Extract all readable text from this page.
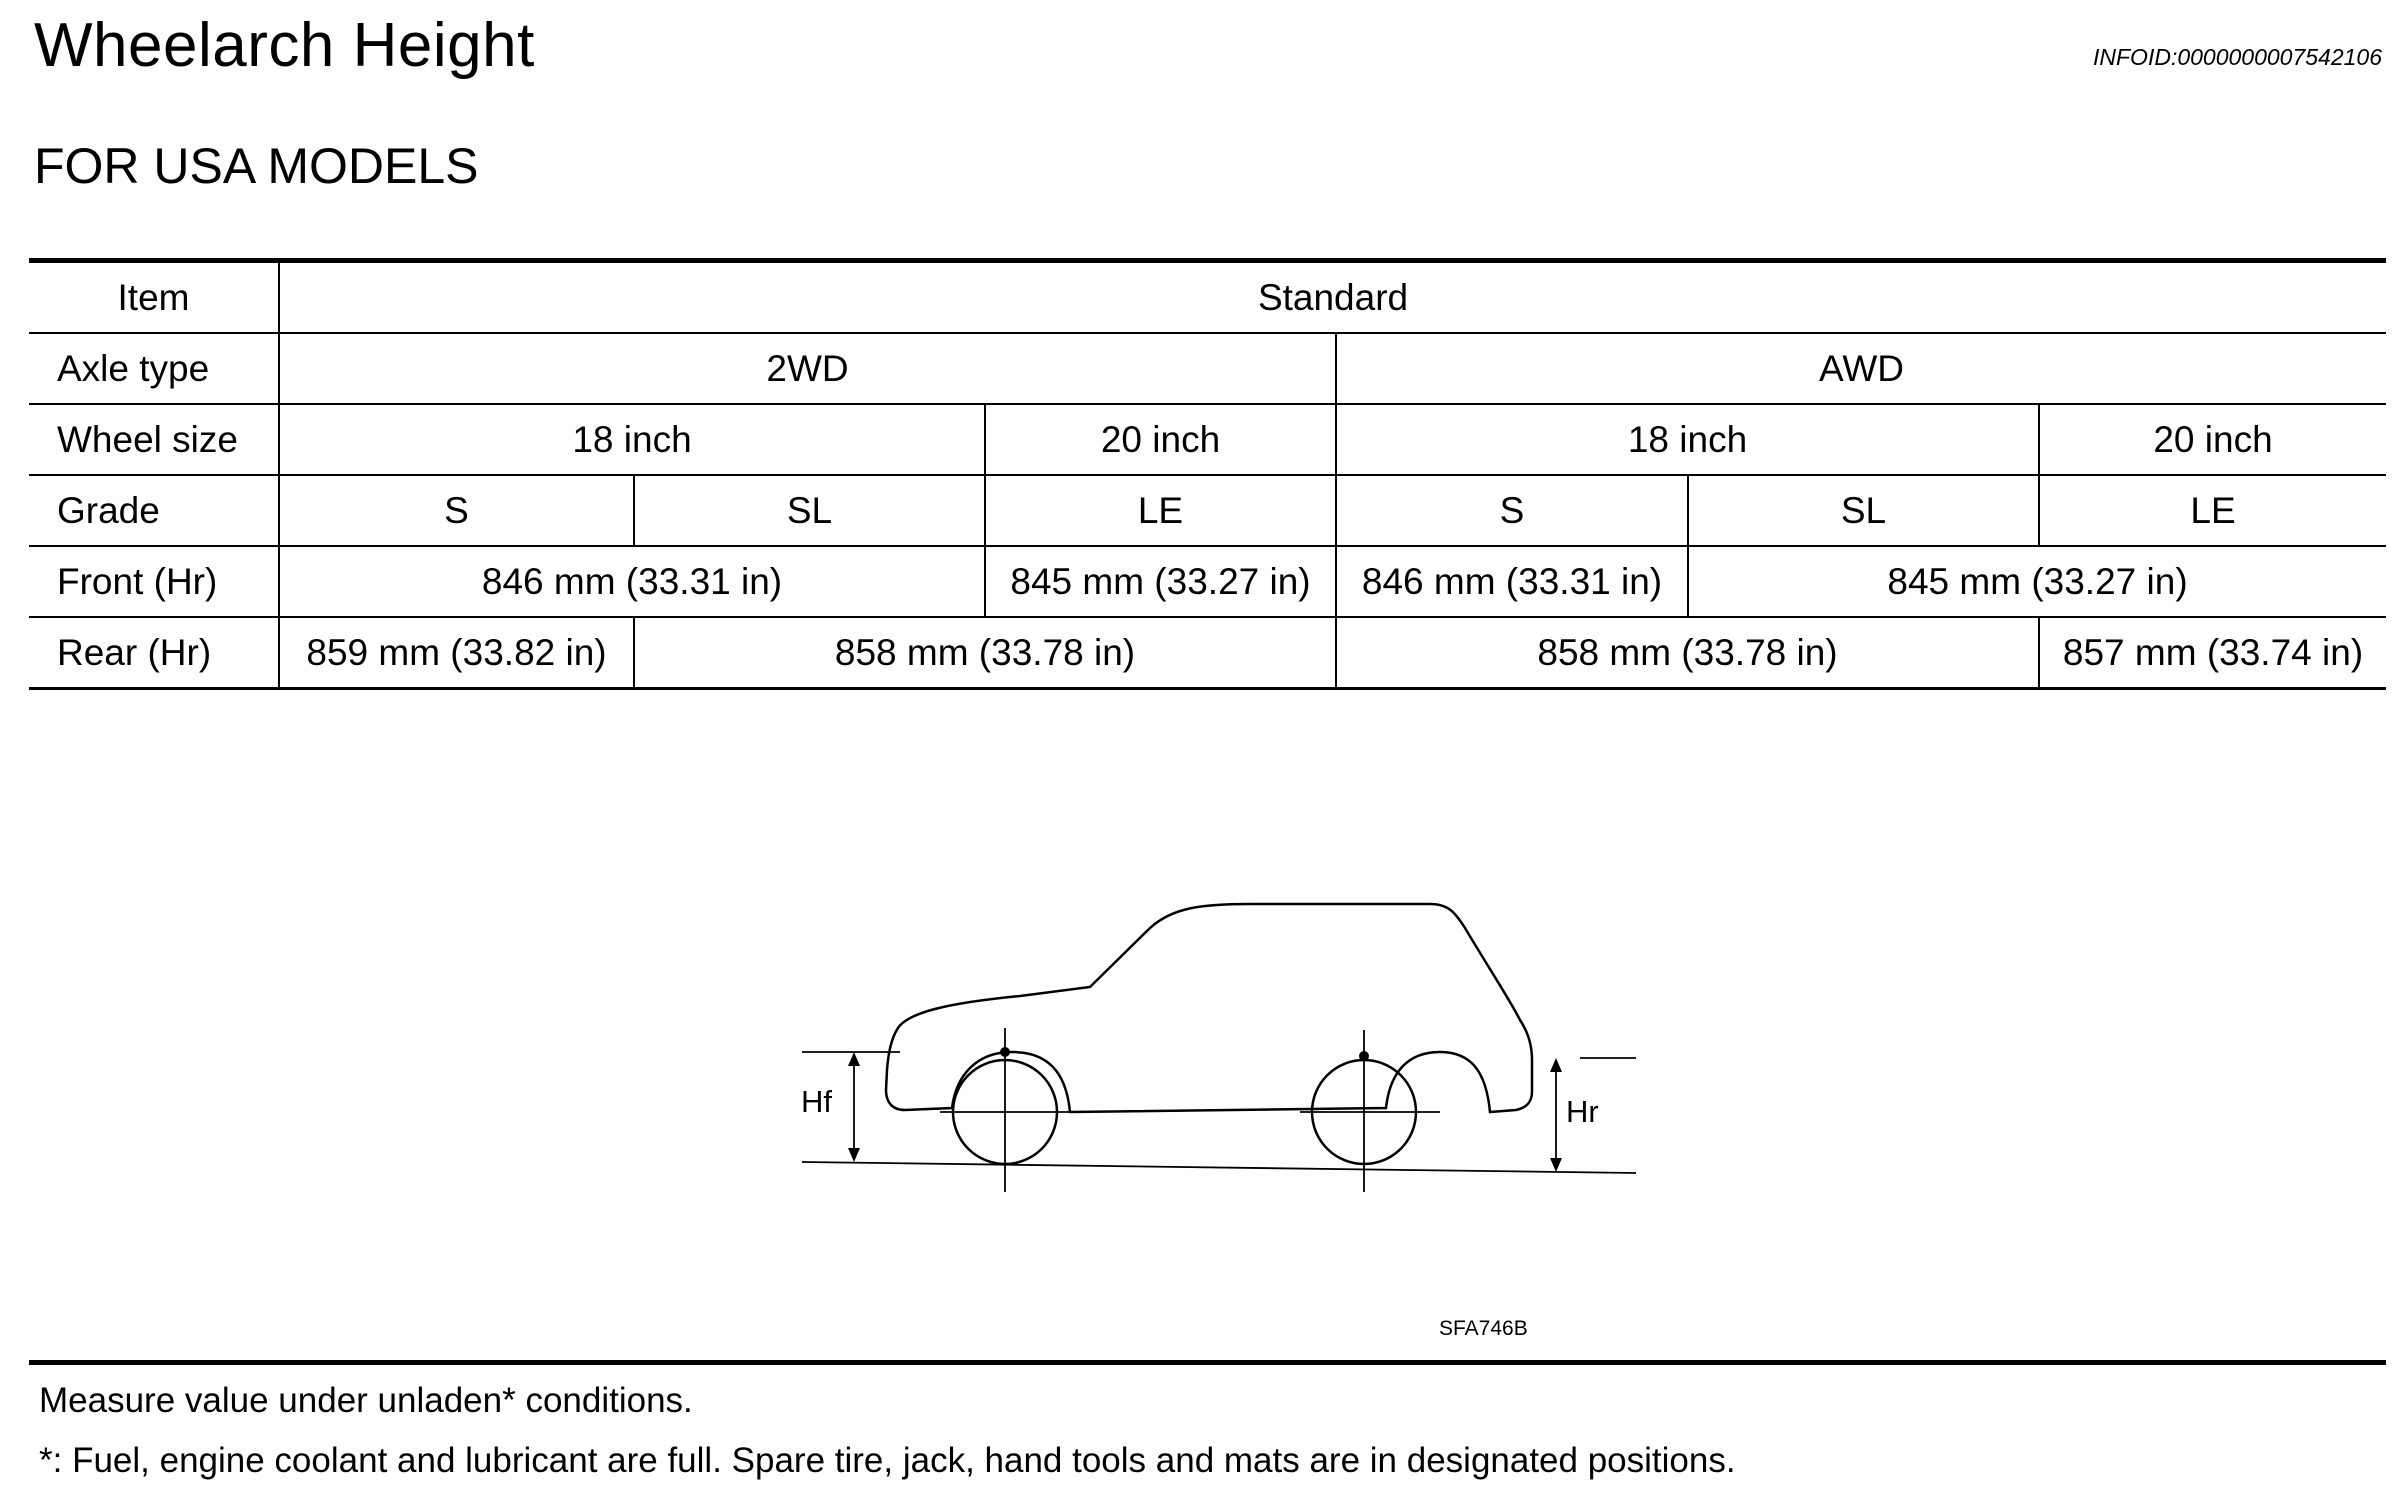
Wheelarch Height	INFOID:0000000007542106
FOR USA MODELS
Item	Standard					
Axle type	2WD			AWD		
Wheel size	18 inch		20 inch	18 inch		20 inch
Grade	S	SL	LE	S	SL	LE
Front (Hr)	846 mm (33.31 in)		845 mm (33.27 in)	846 mm (33.31 in)	845 mm (33.27 in)	
Rear (Hr)	859 mm (33.82 in)	858 mm (33.78 in)		858 mm (33.78 in)		857 mm (33.74 in)
Hf	Hr
SFA746B
Measure value under unladen* conditions.
*: Fuel, engine coolant and lubricant are full. Spare tire, jack, hand tools and mats are in designated positions.
